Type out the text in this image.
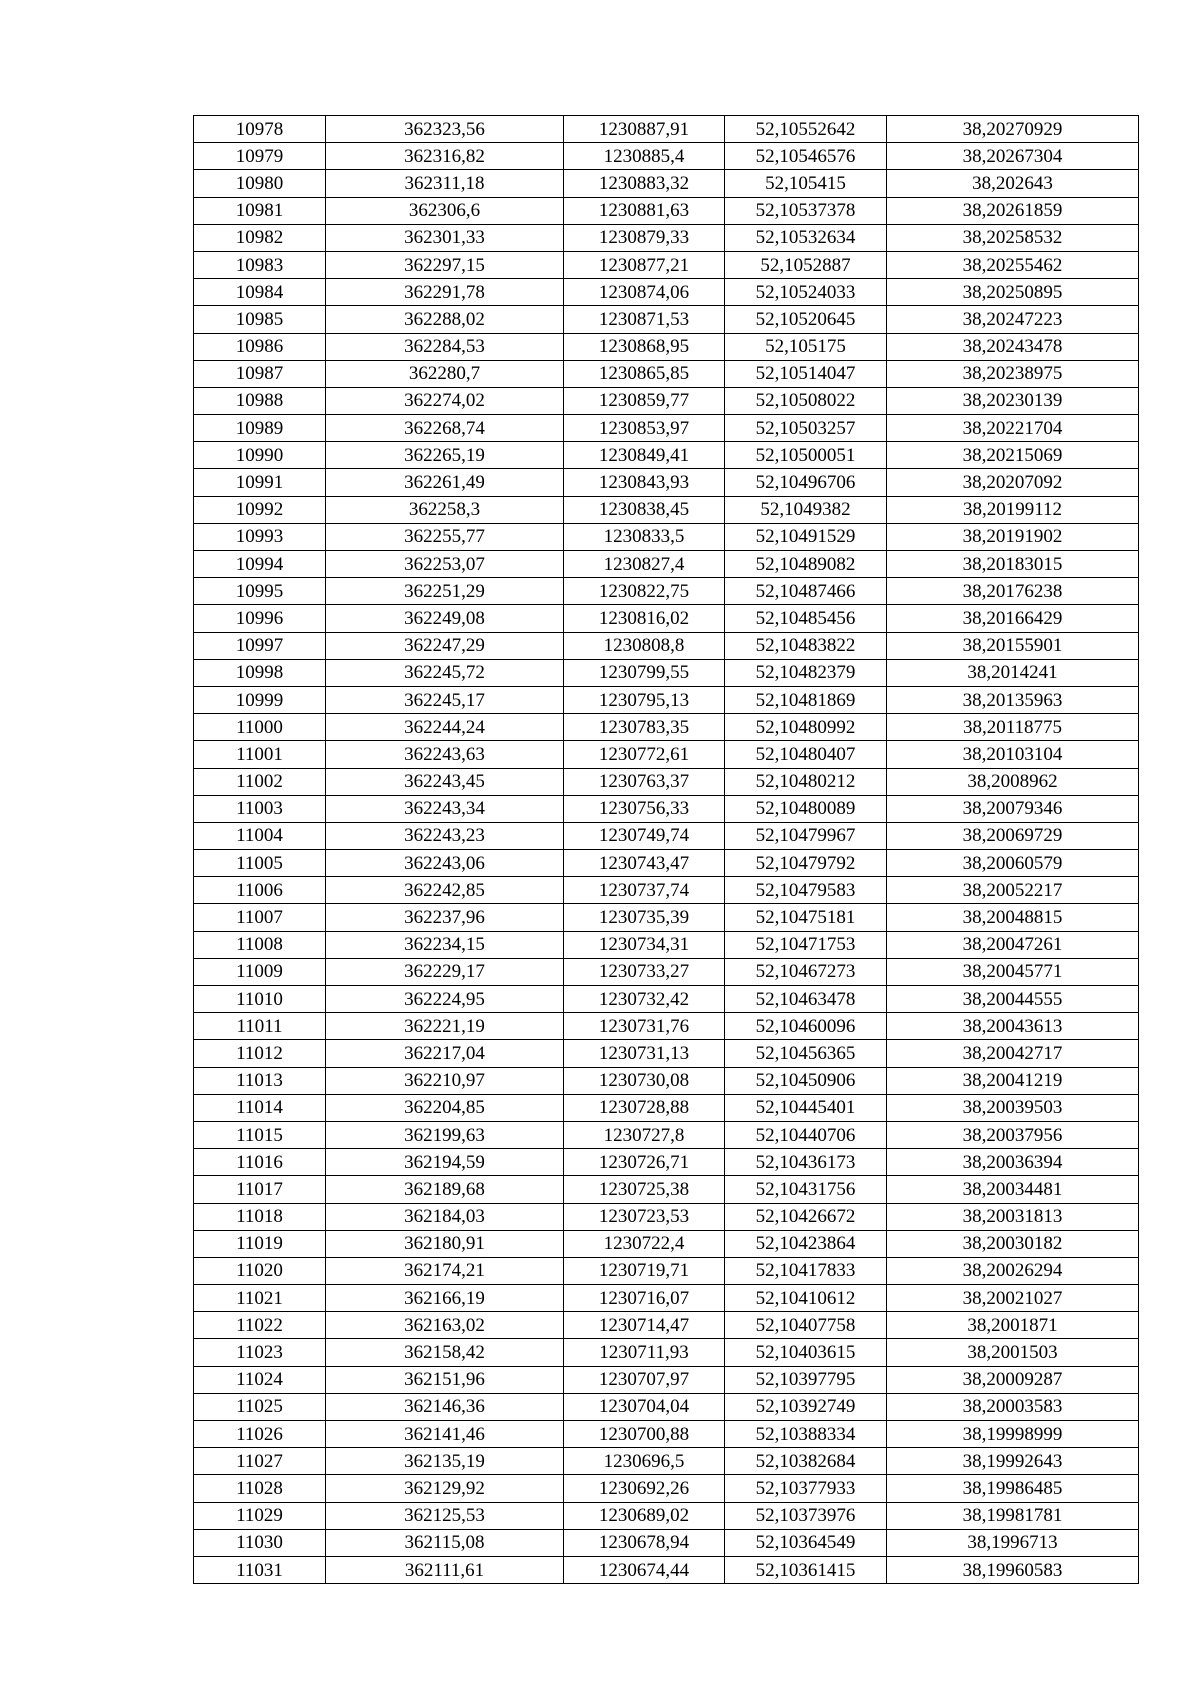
10978	362323,56	1230887,91	52,10552642	38,20270929
10979	362316,82	1230885,4	52,10546576	38,20267304
10980	362311,18	1230883,32	52,105415	38,202643
10981	362306,6	1230881,63	52,10537378	38,20261859
10982	362301,33	1230879,33	52,10532634	38,20258532
10983	362297,15	1230877,21	52,1052887	38,20255462
10984	362291,78	1230874,06	52,10524033	38,20250895
10985	362288,02	1230871,53	52,10520645	38,20247223
10986	362284,53	1230868,95	52,105175	38,20243478
10987	362280,7	1230865,85	52,10514047	38,20238975
10988	362274,02	1230859,77	52,10508022	38,20230139
10989	362268,74	1230853,97	52,10503257	38,20221704
10990	362265,19	1230849,41	52,10500051	38,20215069
10991	362261,49	1230843,93	52,10496706	38,20207092
10992	362258,3	1230838,45	52,1049382	38,20199112
10993	362255,77	1230833,5	52,10491529	38,20191902
10994	362253,07	1230827,4	52,10489082	38,20183015
10995	362251,29	1230822,75	52,10487466	38,20176238
10996	362249,08	1230816,02	52,10485456	38,20166429
10997	362247,29	1230808,8	52,10483822	38,20155901
10998	362245,72	1230799,55	52,10482379	38,2014241
10999	362245,17	1230795,13	52,10481869	38,20135963
11000	362244,24	1230783,35	52,10480992	38,20118775
11001	362243,63	1230772,61	52,10480407	38,20103104
11002	362243,45	1230763,37	52,10480212	38,2008962
11003	362243,34	1230756,33	52,10480089	38,20079346
11004	362243,23	1230749,74	52,10479967	38,20069729
11005	362243,06	1230743,47	52,10479792	38,20060579
11006	362242,85	1230737,74	52,10479583	38,20052217
11007	362237,96	1230735,39	52,10475181	38,20048815
11008	362234,15	1230734,31	52,10471753	38,20047261
11009	362229,17	1230733,27	52,10467273	38,20045771
11010	362224,95	1230732,42	52,10463478	38,20044555
11011	362221,19	1230731,76	52,10460096	38,20043613
11012	362217,04	1230731,13	52,10456365	38,20042717
11013	362210,97	1230730,08	52,10450906	38,20041219
11014	362204,85	1230728,88	52,10445401	38,20039503
11015	362199,63	1230727,8	52,10440706	38,20037956
11016	362194,59	1230726,71	52,10436173	38,20036394
11017	362189,68	1230725,38	52,10431756	38,20034481
11018	362184,03	1230723,53	52,10426672	38,20031813
11019	362180,91	1230722,4	52,10423864	38,20030182
11020	362174,21	1230719,71	52,10417833	38,20026294
11021	362166,19	1230716,07	52,10410612	38,20021027
11022	362163,02	1230714,47	52,10407758	38,2001871
11023	362158,42	1230711,93	52,10403615	38,2001503
11024	362151,96	1230707,97	52,10397795	38,20009287
11025	362146,36	1230704,04	52,10392749	38,20003583
11026	362141,46	1230700,88	52,10388334	38,19998999
11027	362135,19	1230696,5	52,10382684	38,19992643
11028	362129,92	1230692,26	52,10377933	38,19986485
11029	362125,53	1230689,02	52,10373976	38,19981781
11030	362115,08	1230678,94	52,10364549	38,1996713
11031	362111,61	1230674,44	52,10361415	38,19960583
